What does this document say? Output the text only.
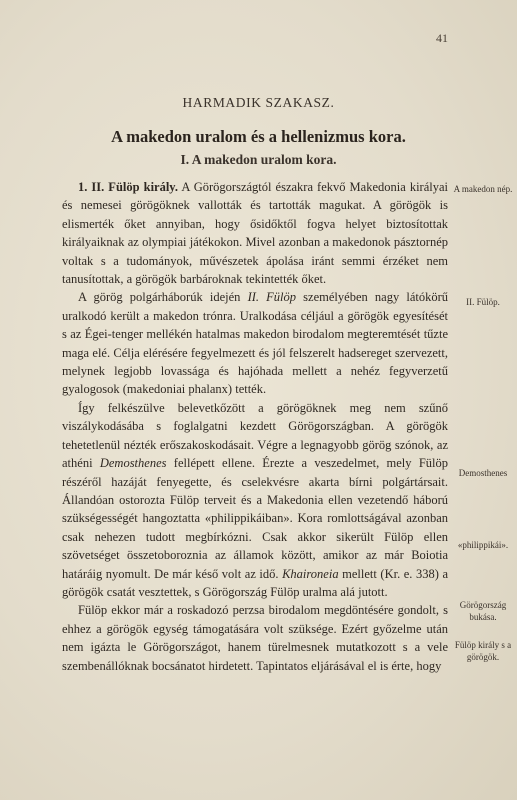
41
HARMADIK SZAKASZ.
A makedon uralom és a hellenizmus kora.
I. A makedon uralom kora.

1. II. Fülöp király. A Görögországtól északra fekvő Makedonia királyai és nemesei görögöknek vallották és tartották magukat. A görögök is elismerték őket annyiban, hogy ősidőktől fogva helyet biztosítottak királyaiknak az olympiai játékokon. Mivel azonban a makedonok pásztornép voltak s a tudományok, művészetek ápolása iránt semmi érzéket nem tanusítottak, a görögök barbároknak tekintették őket.

A görög polgárháborúk idején II. Fülöp személyében nagy látókörű uralkodó került a makedon trónra. Uralkodása céljául a görögök egyesítését s az Égei-tenger mellékén hatalmas makedon birodalom megteremtését tűzte maga elé. Célja elérésére fegyelmezett és jól felszerelt hadsereget szervezett, melynek legjobb lovassága és hajóhada mellett a nehéz fegyverzetű gyalogosok (makedoniai phalanx) tették.

Így felkészülve belevetkőzött a görögöknek meg nem szűnő viszálykodásába s foglalgatni kezdett Görögországban. A görögök tehetetlenül nézték erőszakoskodásait. Végre a legnagyobb görög szónok, az athéni Demosthenes fellépett ellene. Érezte a veszedelmet, mely Fülöp részéről hazáját fenyegette, és cselekvésre akarta bírni polgártársait. Állandóan ostorozta Fülöp terveit és a Makedonia ellen vezetendő háború szükségességét hangoztatta «philippikáiban». Kora romlottságával azonban csak nehezen tudott megbírkózni. Csak akkor sikerült Fülöp ellen szövetséget összetoboroznia az államok között, amikor az már Boiotia határáig nyomult. De már késő volt az idő. Khaironeia mellett (Kr. e. 338) a görögök csatát vesztettek, s Görögország Fülöp uralma alá jutott.

Fülöp ekkor már a roskadozó perzsa birodalom megdöntésére gondolt, s ehhez a görögök egység támogatására volt szüksége. Ezért győzelme után nem igázta le Görögországot, hanem türelmesnek mutatkozott s a vele szembenállóknak bocsánatot hirdetett. Tapintatos eljárásával el is érte, hogy

A makedon nép.
II. Fülöp.
Demosthenes
«philippikái».
Görögország bukása.
Fülöp király s a görögök.
